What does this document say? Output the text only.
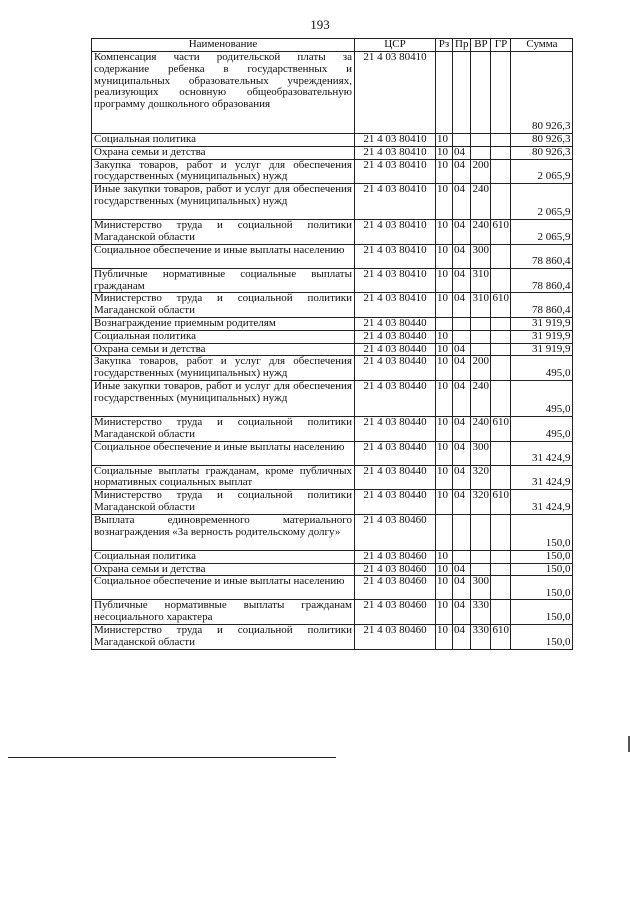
193
Наименование	ЦСР	Рз	Пр	ВР	ГР	Сумма
Компенсация части родительской платы за содержание ребенка в государственных и муниципальных образовательных учреждениях, реализующих основную общеобразовательную программу дошкольного образования	21 4 03 80410					80 926,3
Социальная политика	21 4 03 80410	10				80 926,3
Охрана семьи и детства	21 4 03 80410	10	04			80 926,3
Закупка товаров, работ и услуг для обеспечения государственных (муниципальных) нужд	21 4 03 80410	10	04	200		2 065,9
Иные закупки товаров, работ и услуг для обеспечения государственных (муниципальных) нужд	21 4 03 80410	10	04	240		2 065,9
Министерство труда и социальной политики Магаданской области	21 4 03 80410	10	04	240	610	2 065,9
Социальное обеспечение и иные выплаты населению	21 4 03 80410	10	04	300		78 860,4
Публичные нормативные социальные выплаты гражданам	21 4 03 80410	10	04	310		78 860,4
Министерство труда и социальной политики Магаданской области	21 4 03 80410	10	04	310	610	78 860,4
Вознаграждение приемным родителям	21 4 03 80440					31 919,9
Социальная политика	21 4 03 80440	10				31 919,9
Охрана семьи и детства	21 4 03 80440	10	04			31 919,9
Закупка товаров, работ и услуг для обеспечения государственных (муниципальных) нужд	21 4 03 80440	10	04	200		495,0
Иные закупки товаров, работ и услуг для обеспечения государственных (муниципальных) нужд	21 4 03 80440	10	04	240		495,0
Министерство труда и социальной политики Магаданской области	21 4 03 80440	10	04	240	610	495,0
Социальное обеспечение и иные выплаты населению	21 4 03 80440	10	04	300		31 424,9
Социальные выплаты гражданам, кроме публичных нормативных социальных выплат	21 4 03 80440	10	04	320		31 424,9
Министерство труда и социальной политики Магаданской области	21 4 03 80440	10	04	320	610	31 424,9
Выплата единовременного материального вознаграждения «За верность родительскому долгу»	21 4 03 80460					150,0
Социальная политика	21 4 03 80460	10				150,0
Охрана семьи и детства	21 4 03 80460	10	04			150,0
Социальное обеспечение и иные выплаты населению	21 4 03 80460	10	04	300		150,0
Публичные нормативные выплаты гражданам несоциального характера	21 4 03 80460	10	04	330		150,0
Министерство труда и социальной политики Магаданской области	21 4 03 80460	10	04	330	610	150,0
